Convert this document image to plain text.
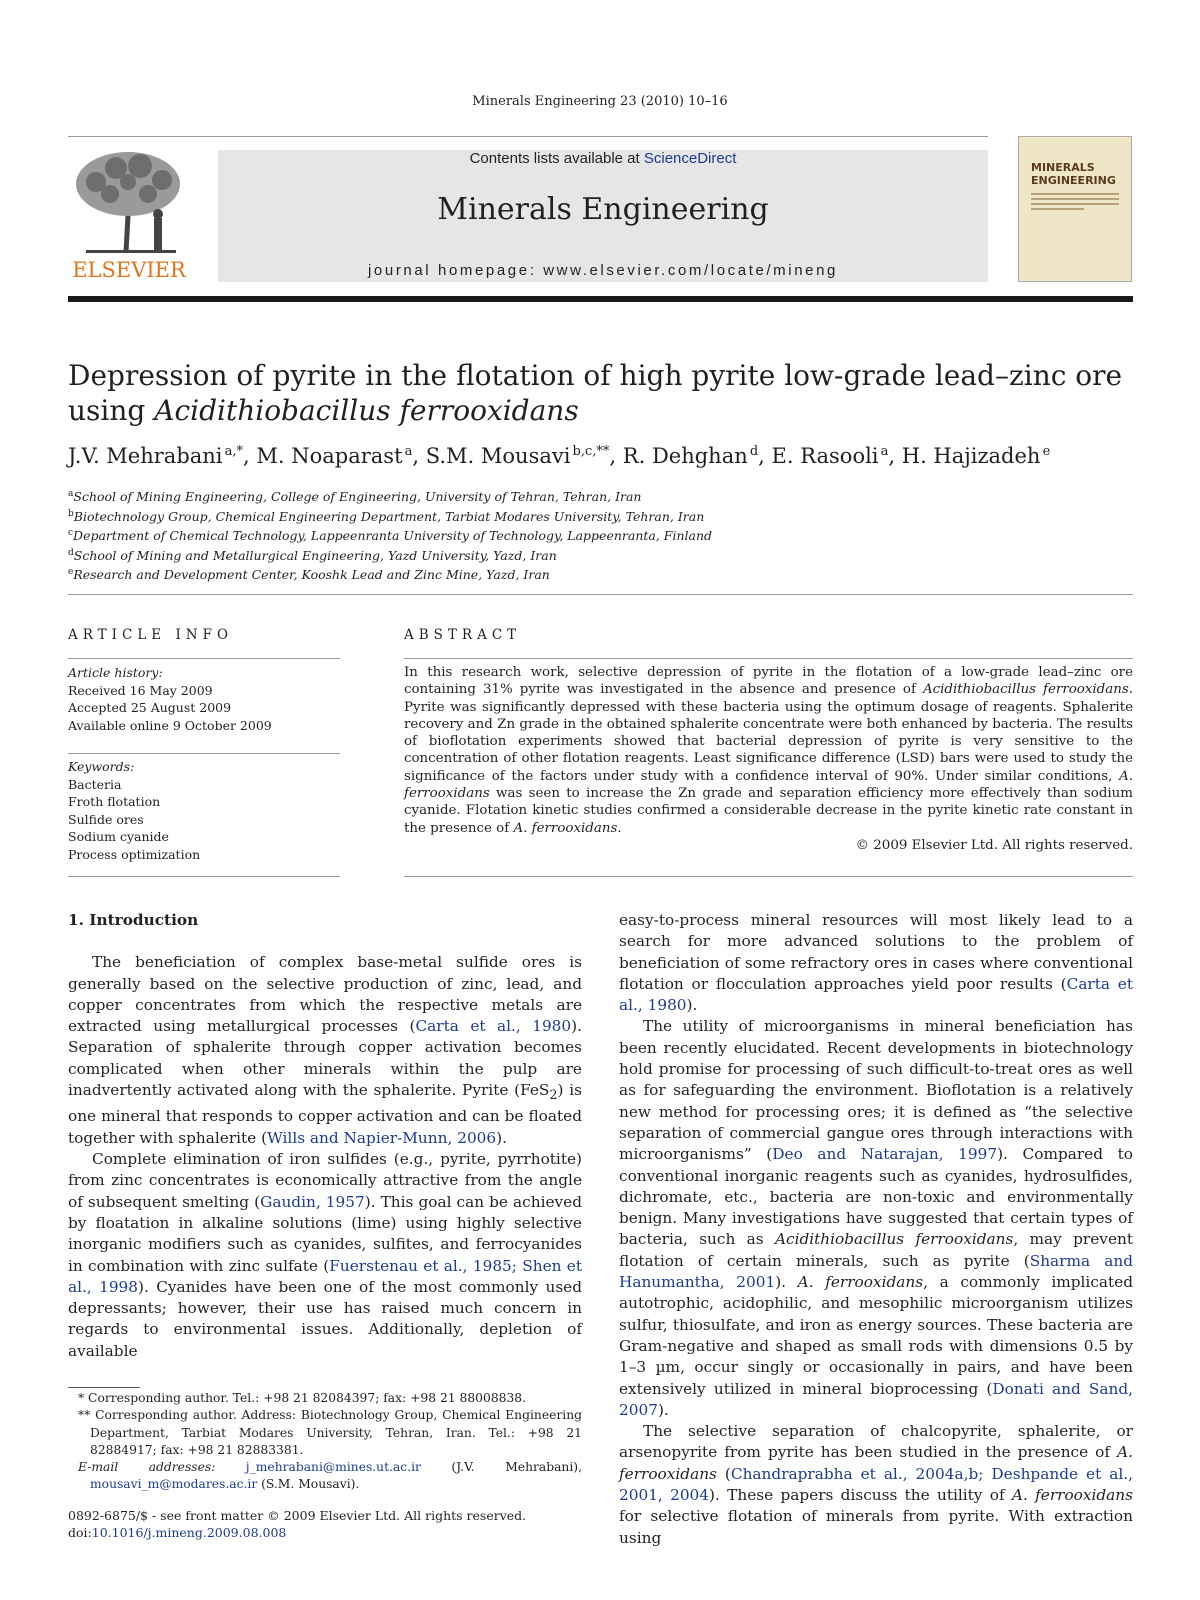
Minerals Engineering 23 (2010) 10–16
ELSEVIER
Contents lists available at ScienceDirect
Minerals Engineering
journal homepage: www.elsevier.com/locate/mineng
MINERALS
ENGINEERING
Depression of pyrite in the flotation of high pyrite low-grade lead–zinc ore using Acidithiobacillus ferrooxidans
J.V. Mehrabani  $^{a,*}$, M. Noaparast  $^a$, S.M. Mousavi  $^{b,c,**}$, R. Dehghan  $^d$, E. Rasooli  $^a$, H. Hajizadeh  $^e$
$^a$School of Mining Engineering, College of Engineering, University of Tehran, Tehran, Iran
$^b$Biotechnology Group, Chemical Engineering Department, Tarbiat Modares University, Tehran, Iran
$^c$Department of Chemical Technology, Lappeenranta University of Technology, Lappeenranta, Finland
$^d$School of Mining and Metallurgical Engineering, Yazd University, Yazd, Iran
$^e$Research and Development Center, Kooshk Lead and Zinc Mine, Yazd, Iran
ARTICLE INFO	ABSTRACT
Article history:
Received 16 May 2009
Accepted 25 August 2009
Available online 9 October 2009
Keywords:
Bacteria
Froth flotation
Sulfide ores
Sodium cyanide
Process optimization
In this research work, selective depression of pyrite in the flotation of a low-grade lead–zinc ore containing 31% pyrite was investigated in the absence and presence of Acidithiobacillus ferrooxidans. Pyrite was significantly depressed with these bacteria using the optimum dosage of reagents. Sphalerite recovery and Zn grade in the obtained sphalerite concentrate were both enhanced by bacteria. The results of bioflotation experiments showed that bacterial depression of pyrite is very sensitive to the concentration of other flotation reagents. Least significance difference (LSD) bars were used to study the significance of the factors under study with a confidence interval of 90%. Under similar conditions, A. ferrooxidans was seen to increase the Zn grade and separation efficiency more effectively than sodium cyanide. Flotation kinetic studies confirmed a considerable decrease in the pyrite kinetic rate constant in the presence of A. ferrooxidans.
© 2009 Elsevier Ltd. All rights reserved.
1. Introduction

The beneficiation of complex base-metal sulfide ores is generally based on the selective production of zinc, lead, and copper concentrates from which the respective metals are extracted using metallurgical processes (Carta et al., 1980). Separation of sphalerite through copper activation becomes complicated when other minerals within the pulp are inadvertently activated along with the sphalerite. Pyrite (FeS$_2$) is one mineral that responds to copper activation and can be floated together with sphalerite (Wills and Napier-Munn, 2006).

Complete elimination of iron sulfides (e.g., pyrite, pyrrhotite) from zinc concentrates is economically attractive from the angle of subsequent smelting (Gaudin, 1957). This goal can be achieved by floatation in alkaline solutions (lime) using highly selective inorganic modifiers such as cyanides, sulfites, and ferrocyanides in combination with zinc sulfate (Fuerstenau et al., 1985; Shen et al., 1998). Cyanides have been one of the most commonly used depressants; however, their use has raised much concern in regards to environmental issues. Additionally, depletion of available

easy-to-process mineral resources will most likely lead to a search for more advanced solutions to the problem of beneficiation of some refractory ores in cases where conventional flotation or flocculation approaches yield poor results (Carta et al., 1980).

The utility of microorganisms in mineral beneficiation has been recently elucidated. Recent developments in biotechnology hold promise for processing of such difficult-to-treat ores as well as for safeguarding the environment. Bioflotation is a relatively new method for processing ores; it is defined as “the selective separation of commercial gangue ores through interactions with microorganisms” (Deo and Natarajan, 1997). Compared to conventional inorganic reagents such as cyanides, hydrosulfides, dichromate, etc., bacteria are non-toxic and environmentally benign. Many investigations have suggested that certain types of bacteria, such as Acidithiobacillus ferrooxidans, may prevent flotation of certain minerals, such as pyrite (Sharma and Hanumantha, 2001). A. ferrooxidans, a commonly implicated autotrophic, acidophilic, and mesophilic microorganism utilizes sulfur, thiosulfate, and iron as energy sources. These bacteria are Gram-negative and shaped as small rods with dimensions 0.5 by 1–3 µm, occur singly or occasionally in pairs, and have been extensively utilized in mineral bioprocessing (Donati and Sand, 2007).

The selective separation of chalcopyrite, sphalerite, or arsenopyrite from pyrite has been studied in the presence of A. ferrooxidans (Chandraprabha et al., 2004a,b; Deshpande et al., 2001, 2004). These papers discuss the utility of A. ferrooxidans for selective flotation of minerals from pyrite. With extraction using

* Corresponding author. Tel.: +98 21 82084397; fax: +98 21 88008838.

** Corresponding author. Address: Biotechnology Group, Chemical Engineering Department, Tarbiat Modares University, Tehran, Iran. Tel.: +98 21 82884917; fax: +98 21 82883381.

E-mail addresses: j_mehrabani@mines.ut.ac.ir (J.V. Mehrabani), mousavi_m@modares.ac.ir (S.M. Mousavi).

0892-6875/$ - see front matter © 2009 Elsevier Ltd. All rights reserved.
doi:10.1016/j.mineng.2009.08.008
